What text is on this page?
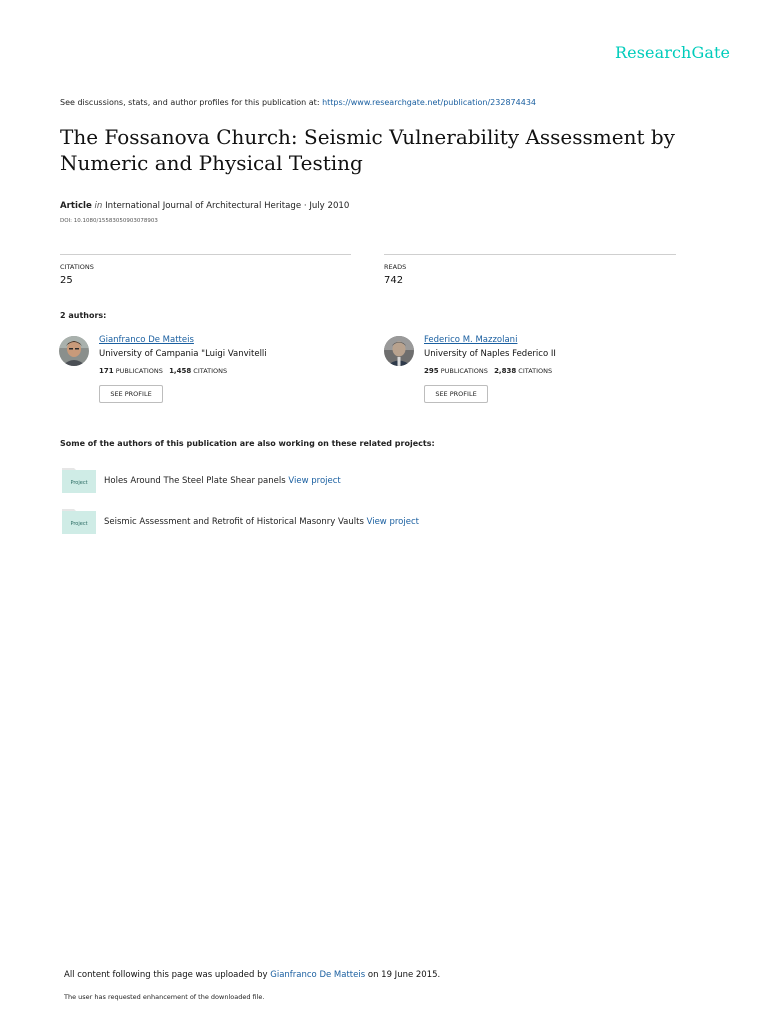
ResearchGate
See discussions, stats, and author profiles for this publication at: https://www.researchgate.net/publication/232874434
The Fossanova Church: Seismic Vulnerability Assessment by Numeric and Physical Testing
Article in International Journal of Architectural Heritage · July 2010
DOI: 10.1080/15583050903078903
CITATIONS
25
READS
742
2 authors:
Gianfranco De Matteis
University of Campania "Luigi Vanvitelli
171 PUBLICATIONS 1,458 CITATIONS
SEE PROFILE
Federico M. Mazzolani
University of Naples Federico II
295 PUBLICATIONS 2,838 CITATIONS
SEE PROFILE
Some of the authors of this publication are also working on these related projects:
Project Holes Around The Steel Plate Shear panels View project
Project Seismic Assessment and Retrofit of Historical Masonry Vaults View project
All content following this page was uploaded by Gianfranco De Matteis on 19 June 2015.
The user has requested enhancement of the downloaded file.
